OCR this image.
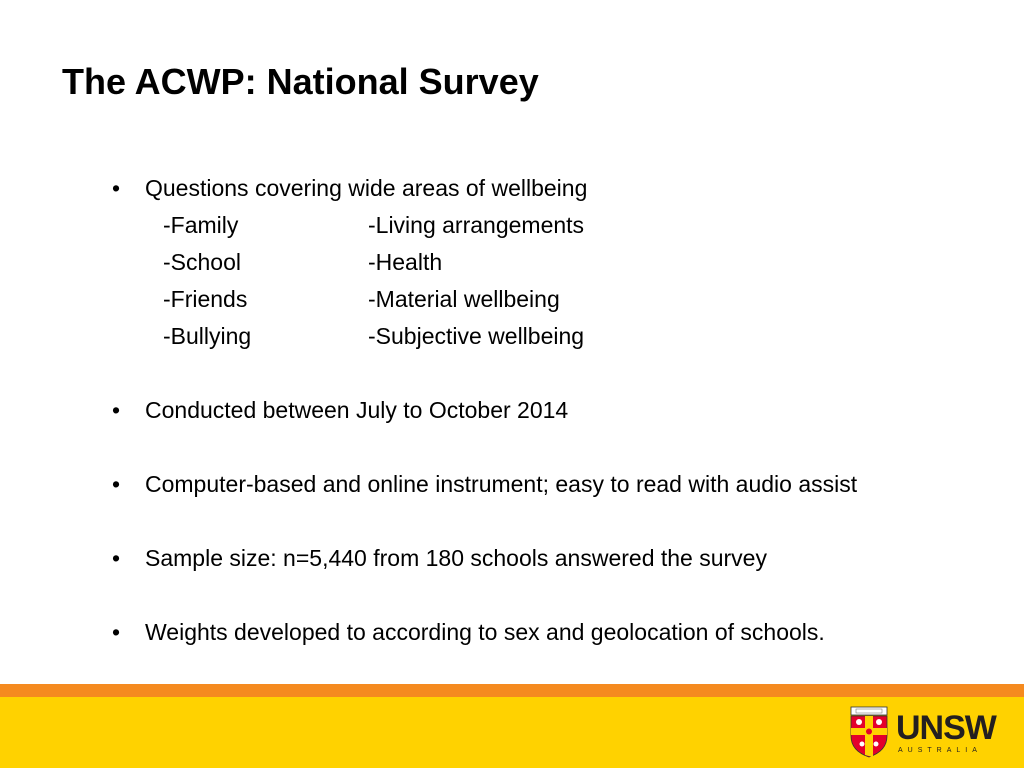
The ACWP: National Survey
• Questions covering wide areas of wellbeing
-Family	-Living arrangements
-School	-Health
-Friends	-Material wellbeing
-Bullying	-Subjective wellbeing
• Conducted between July to October 2014
• Computer-based and online instrument; easy to read with audio assist
• Sample size: n=5,440 from 180 schools answered the survey
• Weights developed to according to sex and geolocation of schools.
UNSW
AUSTRALIA
